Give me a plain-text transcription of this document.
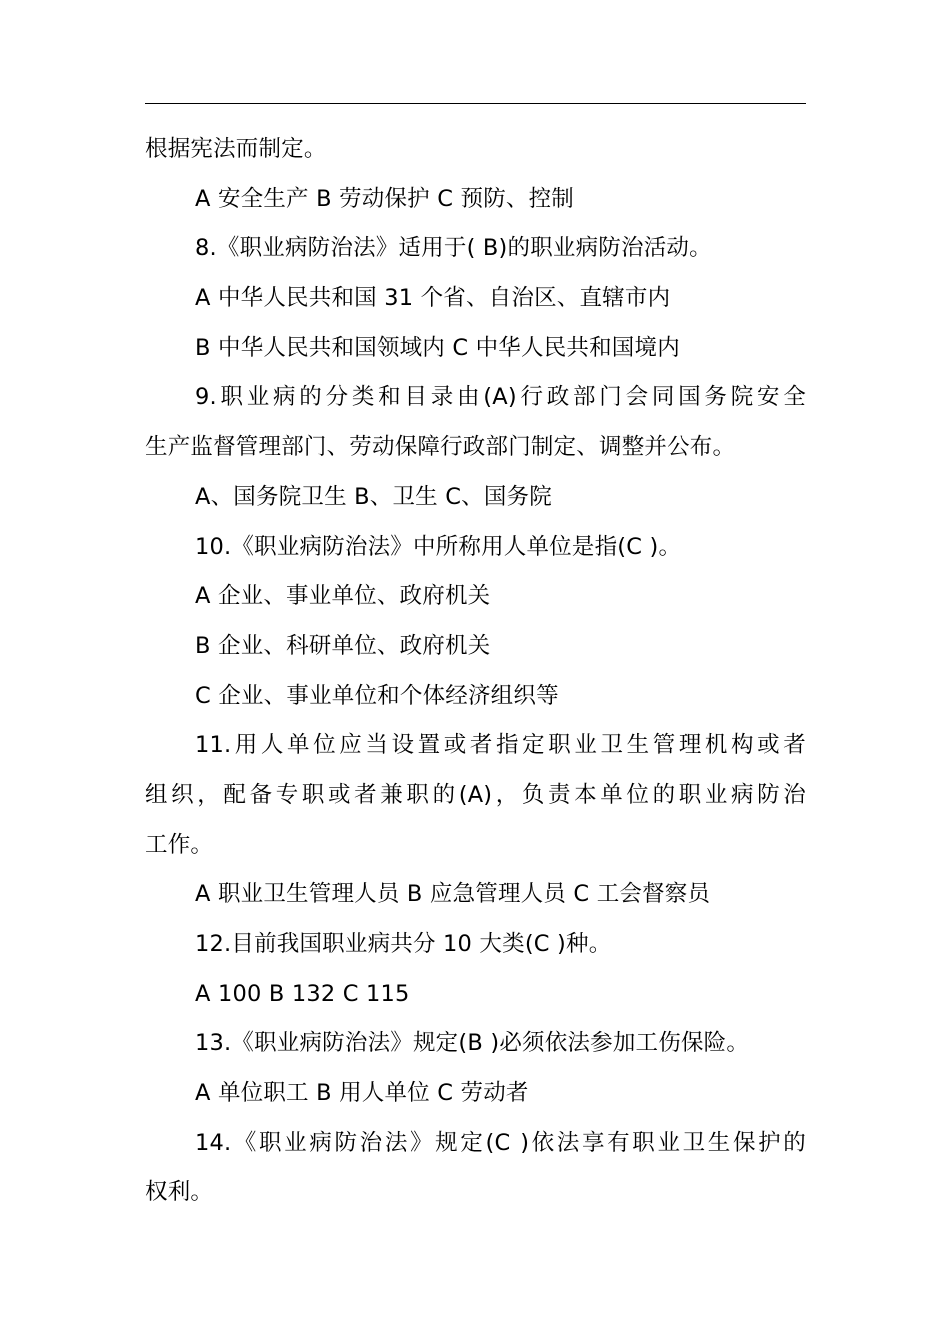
根据宪法而制定。
A 安全生产 B 劳动保护 C 预防、控制
8.《职业病防治法》适用于( B)的职业病防治活动。
A 中华人民共和国 31 个省、自治区、直辖市内
B 中华人民共和国领域内 C 中华人民共和国境内
9.职业病的分类和目录由(A)行政部门会同国务院安全
生产监督管理部门、劳动保障行政部门制定、调整并公布。
A、国务院卫生 B、卫生 C、国务院
10.《职业病防治法》中所称用人单位是指(C )。
A 企业、事业单位、政府机关
B 企业、科研单位、政府机关
C 企业、事业单位和个体经济组织等
11.用人单位应当设置或者指定职业卫生管理机构或者
组织，配备专职或者兼职的(A)，负责本单位的职业病防治
工作。
A 职业卫生管理人员 B 应急管理人员 C 工会督察员
12.目前我国职业病共分 10 大类(C )种。
A 100 B 132 C 115
13.《职业病防治法》规定(B )必须依法参加工伤保险。
A 单位职工 B 用人单位 C 劳动者
14.《职业病防治法》规定(C )依法享有职业卫生保护的
权利。
